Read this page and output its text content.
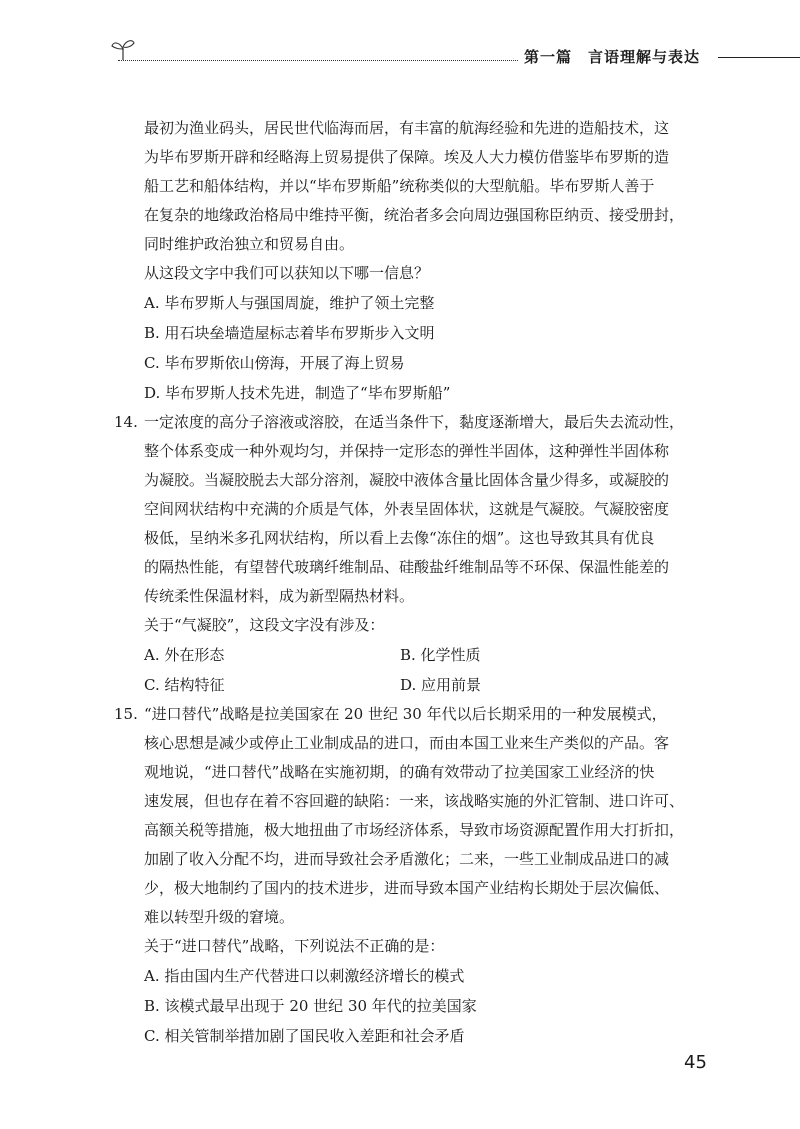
第一篇　言语理解与表达
最初为渔业码头，居民世代临海而居，有丰富的航海经验和先进的造船技术，这
为毕布罗斯开辟和经略海上贸易提供了保障。埃及人大力模仿借鉴毕布罗斯的造
船工艺和船体结构，并以“毕布罗斯船”统称类似的大型航船。毕布罗斯人善于
在复杂的地缘政治格局中维持平衡，统治者多会向周边强国称臣纳贡、接受册封，
同时维护政治独立和贸易自由。
从这段文字中我们可以获知以下哪一信息？
A. 毕布罗斯人与强国周旋，维护了领土完整
B. 用石块垒墙造屋标志着毕布罗斯步入文明
C. 毕布罗斯依山傍海，开展了海上贸易
D. 毕布罗斯人技术先进，制造了“毕布罗斯船”
14. 一定浓度的高分子溶液或溶胶，在适当条件下，黏度逐渐增大，最后失去流动性，
整个体系变成一种外观均匀，并保持一定形态的弹性半固体，这种弹性半固体称
为凝胶。当凝胶脱去大部分溶剂，凝胶中液体含量比固体含量少得多，或凝胶的
空间网状结构中充满的介质是气体，外表呈固体状，这就是气凝胶。气凝胶密度
极低，呈纳米多孔网状结构，所以看上去像“冻住的烟”。这也导致其具有优良
的隔热性能，有望替代玻璃纤维制品、硅酸盐纤维制品等不环保、保温性能差的
传统柔性保温材料，成为新型隔热材料。
关于“气凝胶”，这段文字没有涉及：
A. 外在形态	B. 化学性质
C. 结构特征	D. 应用前景
15. “进口替代”战略是拉美国家在 20 世纪 30 年代以后长期采用的一种发展模式，
核心思想是减少或停止工业制成品的进口，而由本国工业来生产类似的产品。客
观地说，“进口替代”战略在实施初期，的确有效带动了拉美国家工业经济的快
速发展，但也存在着不容回避的缺陷：一来，该战略实施的外汇管制、进口许可、
高额关税等措施，极大地扭曲了市场经济体系，导致市场资源配置作用大打折扣，
加剧了收入分配不均，进而导致社会矛盾激化；二来，一些工业制成品进口的减
少，极大地制约了国内的技术进步，进而导致本国产业结构长期处于层次偏低、
难以转型升级的窘境。
关于“进口替代”战略，下列说法不正确的是：
A. 指由国内生产代替进口以刺激经济增长的模式
B. 该模式最早出现于 20 世纪 30 年代的拉美国家
C. 相关管制举措加剧了国民收入差距和社会矛盾
45
